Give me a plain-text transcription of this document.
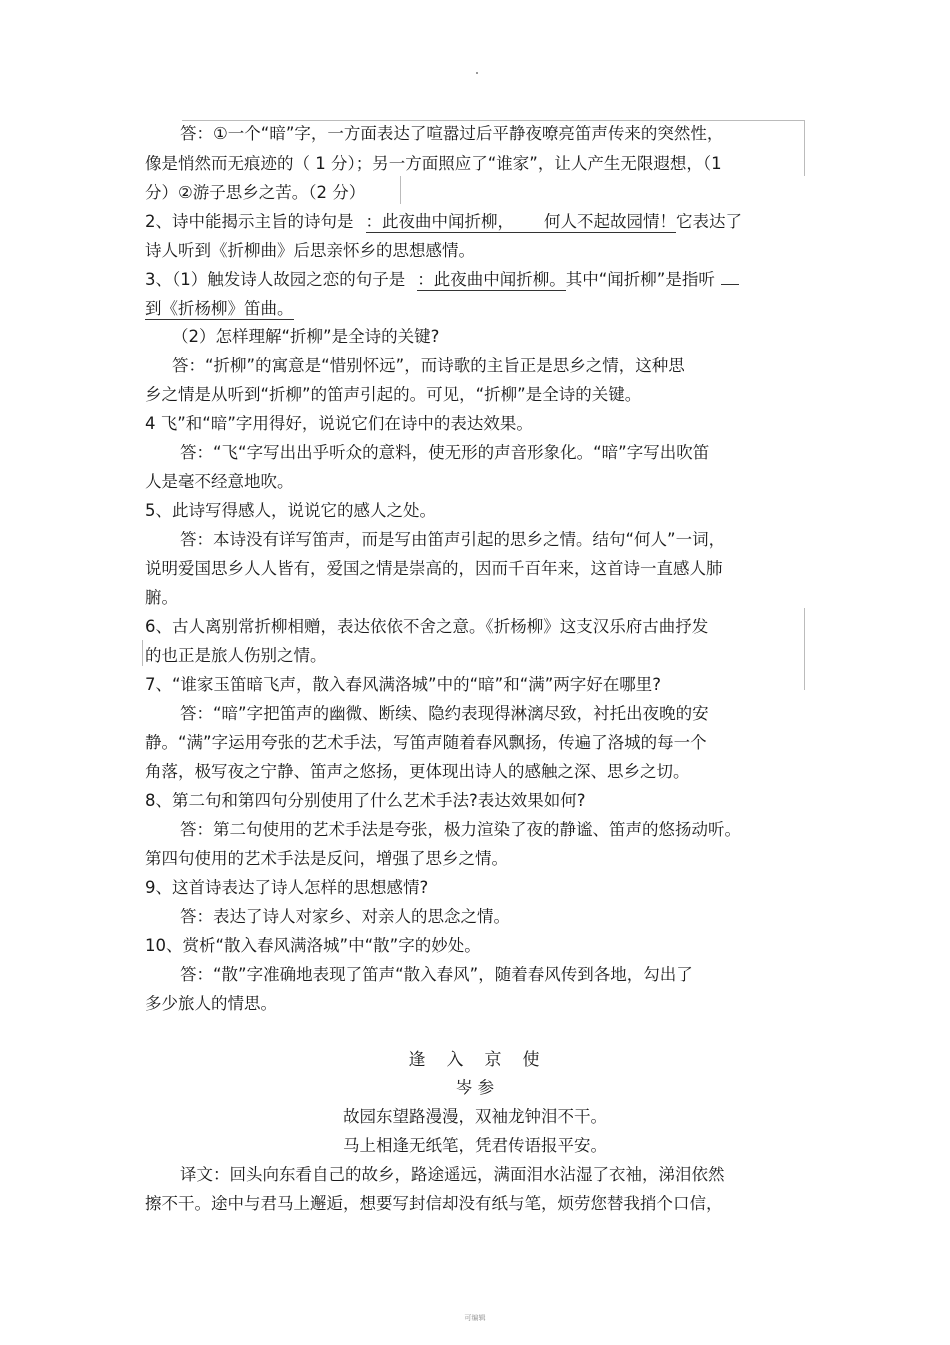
答：①一个“暗”字，一方面表达了喧嚣过后平静夜嘹亮笛声传来的突然性，
像是悄然而无痕迹的（ 1 分）；另一方面照应了“谁家”，让人产生无限遐想，（1
分）②游子思乡之苦。（2 分）
2、诗中能揭示主旨的诗句是 ：此夜曲中闻折柳， 何人不起故园情！它表达了
诗人听到《折柳曲》后思亲怀乡的思想感情。
3、（1）触发诗人故园之恋的句子是 ：此夜曲中闻折柳。其中“闻折柳”是指听
到《折杨柳》笛曲。
（2）怎样理解“折柳”是全诗的关键?
答：“折柳”的寓意是“惜别怀远”，而诗歌的主旨正是思乡之情，这种思
乡之情是从听到“折柳”的笛声引起的。可见，“折柳”是全诗的关键。
4 飞”和“暗”字用得好，说说它们在诗中的表达效果。
答：“飞“字写出出乎听众的意料，使无形的声音形象化。“暗”字写出吹笛
人是毫不经意地吹。
5、此诗写得感人，说说它的感人之处。
答：本诗没有详写笛声，而是写由笛声引起的思乡之情。结句“何人”一词，
说明爱国思乡人人皆有，爱国之情是崇高的，因而千百年来，这首诗一直感人肺
腑。
6、古人离别常折柳相赠，表达依依不舍之意。《折杨柳》这支汉乐府古曲抒发
的也正是旅人伤别之情。
7、“谁家玉笛暗飞声，散入春风满洛城”中的“暗”和“满”两字好在哪里?
答：“暗”字把笛声的幽微、断续、隐约表现得淋漓尽致，衬托出夜晚的安
静。“满”字运用夸张的艺术手法，写笛声随着春风飘扬，传遍了洛城的每一个
角落，极写夜之宁静、笛声之悠扬，更体现出诗人的感触之深、思乡之切。
8、第二句和第四句分别使用了什么艺术手法?表达效果如何?
答：第二句使用的艺术手法是夸张，极力渲染了夜的静谧、笛声的悠扬动听。
第四句使用的艺术手法是反问，增强了思乡之情。
9、这首诗表达了诗人怎样的思想感情?
答：表达了诗人对家乡、对亲人的思念之情。
10、赏析“散入春风满洛城”中“散”字的妙处。
答：“散”字准确地表现了笛声“散入春风”，随着春风传到各地，勾出了
多少旅人的情思。
逢　入　京　使
岑 参
故园东望路漫漫，双袖龙钟泪不干。
马上相逢无纸笔，凭君传语报平安。
译文：回头向东看自己的故乡，路途遥远，满面泪水沾湿了衣袖，涕泪依然
擦不干。途中与君马上邂逅，想要写封信却没有纸与笔，烦劳您替我捎个口信，
可编辑
